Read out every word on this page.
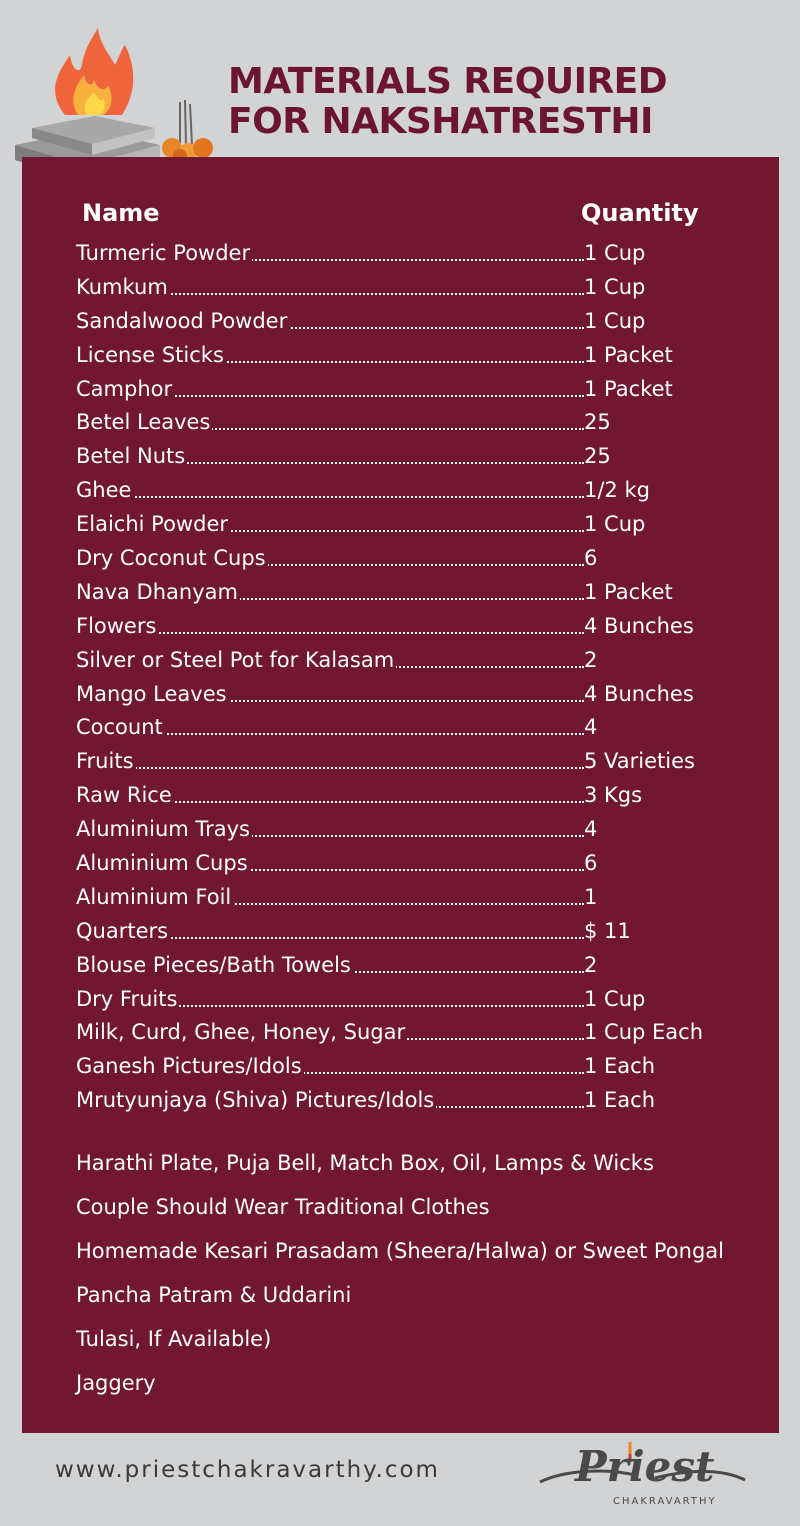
MATERIALS REQUIRED
FOR NAKSHATRESTHI
Name	Quantity
Turmeric Powder	1 Cup
Kumkum	1 Cup
Sandalwood Powder	1 Cup
License Sticks	1 Packet
Camphor	1 Packet
Betel Leaves	25
Betel Nuts	25
Ghee	1/2 kg
Elaichi Powder	1 Cup
Dry Coconut Cups	6
Nava Dhanyam	1 Packet
Flowers	4 Bunches
Silver or Steel Pot for Kalasam	2
Mango Leaves	4 Bunches
Cocount	4
Fruits	5 Varieties
Raw Rice	3 Kgs
Aluminium Trays	4
Aluminium Cups	6
Aluminium Foil	1
Quarters	$ 11
Blouse Pieces/Bath Towels	2
Dry Fruits	1 Cup
Milk, Curd, Ghee, Honey, Sugar	1 Cup Each
Ganesh Pictures/Idols	1 Each
Mrutyunjaya (Shiva) Pictures/Idols	1 Each
Harathi Plate, Puja Bell, Match Box, Oil, Lamps & Wicks
Couple Should Wear Traditional Clothes
Homemade Kesari Prasadam (Sheera/Halwa) or Sweet Pongal
Pancha Patram & Uddarini
Tulasi, If Available)
Jaggery
www.priestchakravarthy.com	Priest
CHAKRAVARTHY
